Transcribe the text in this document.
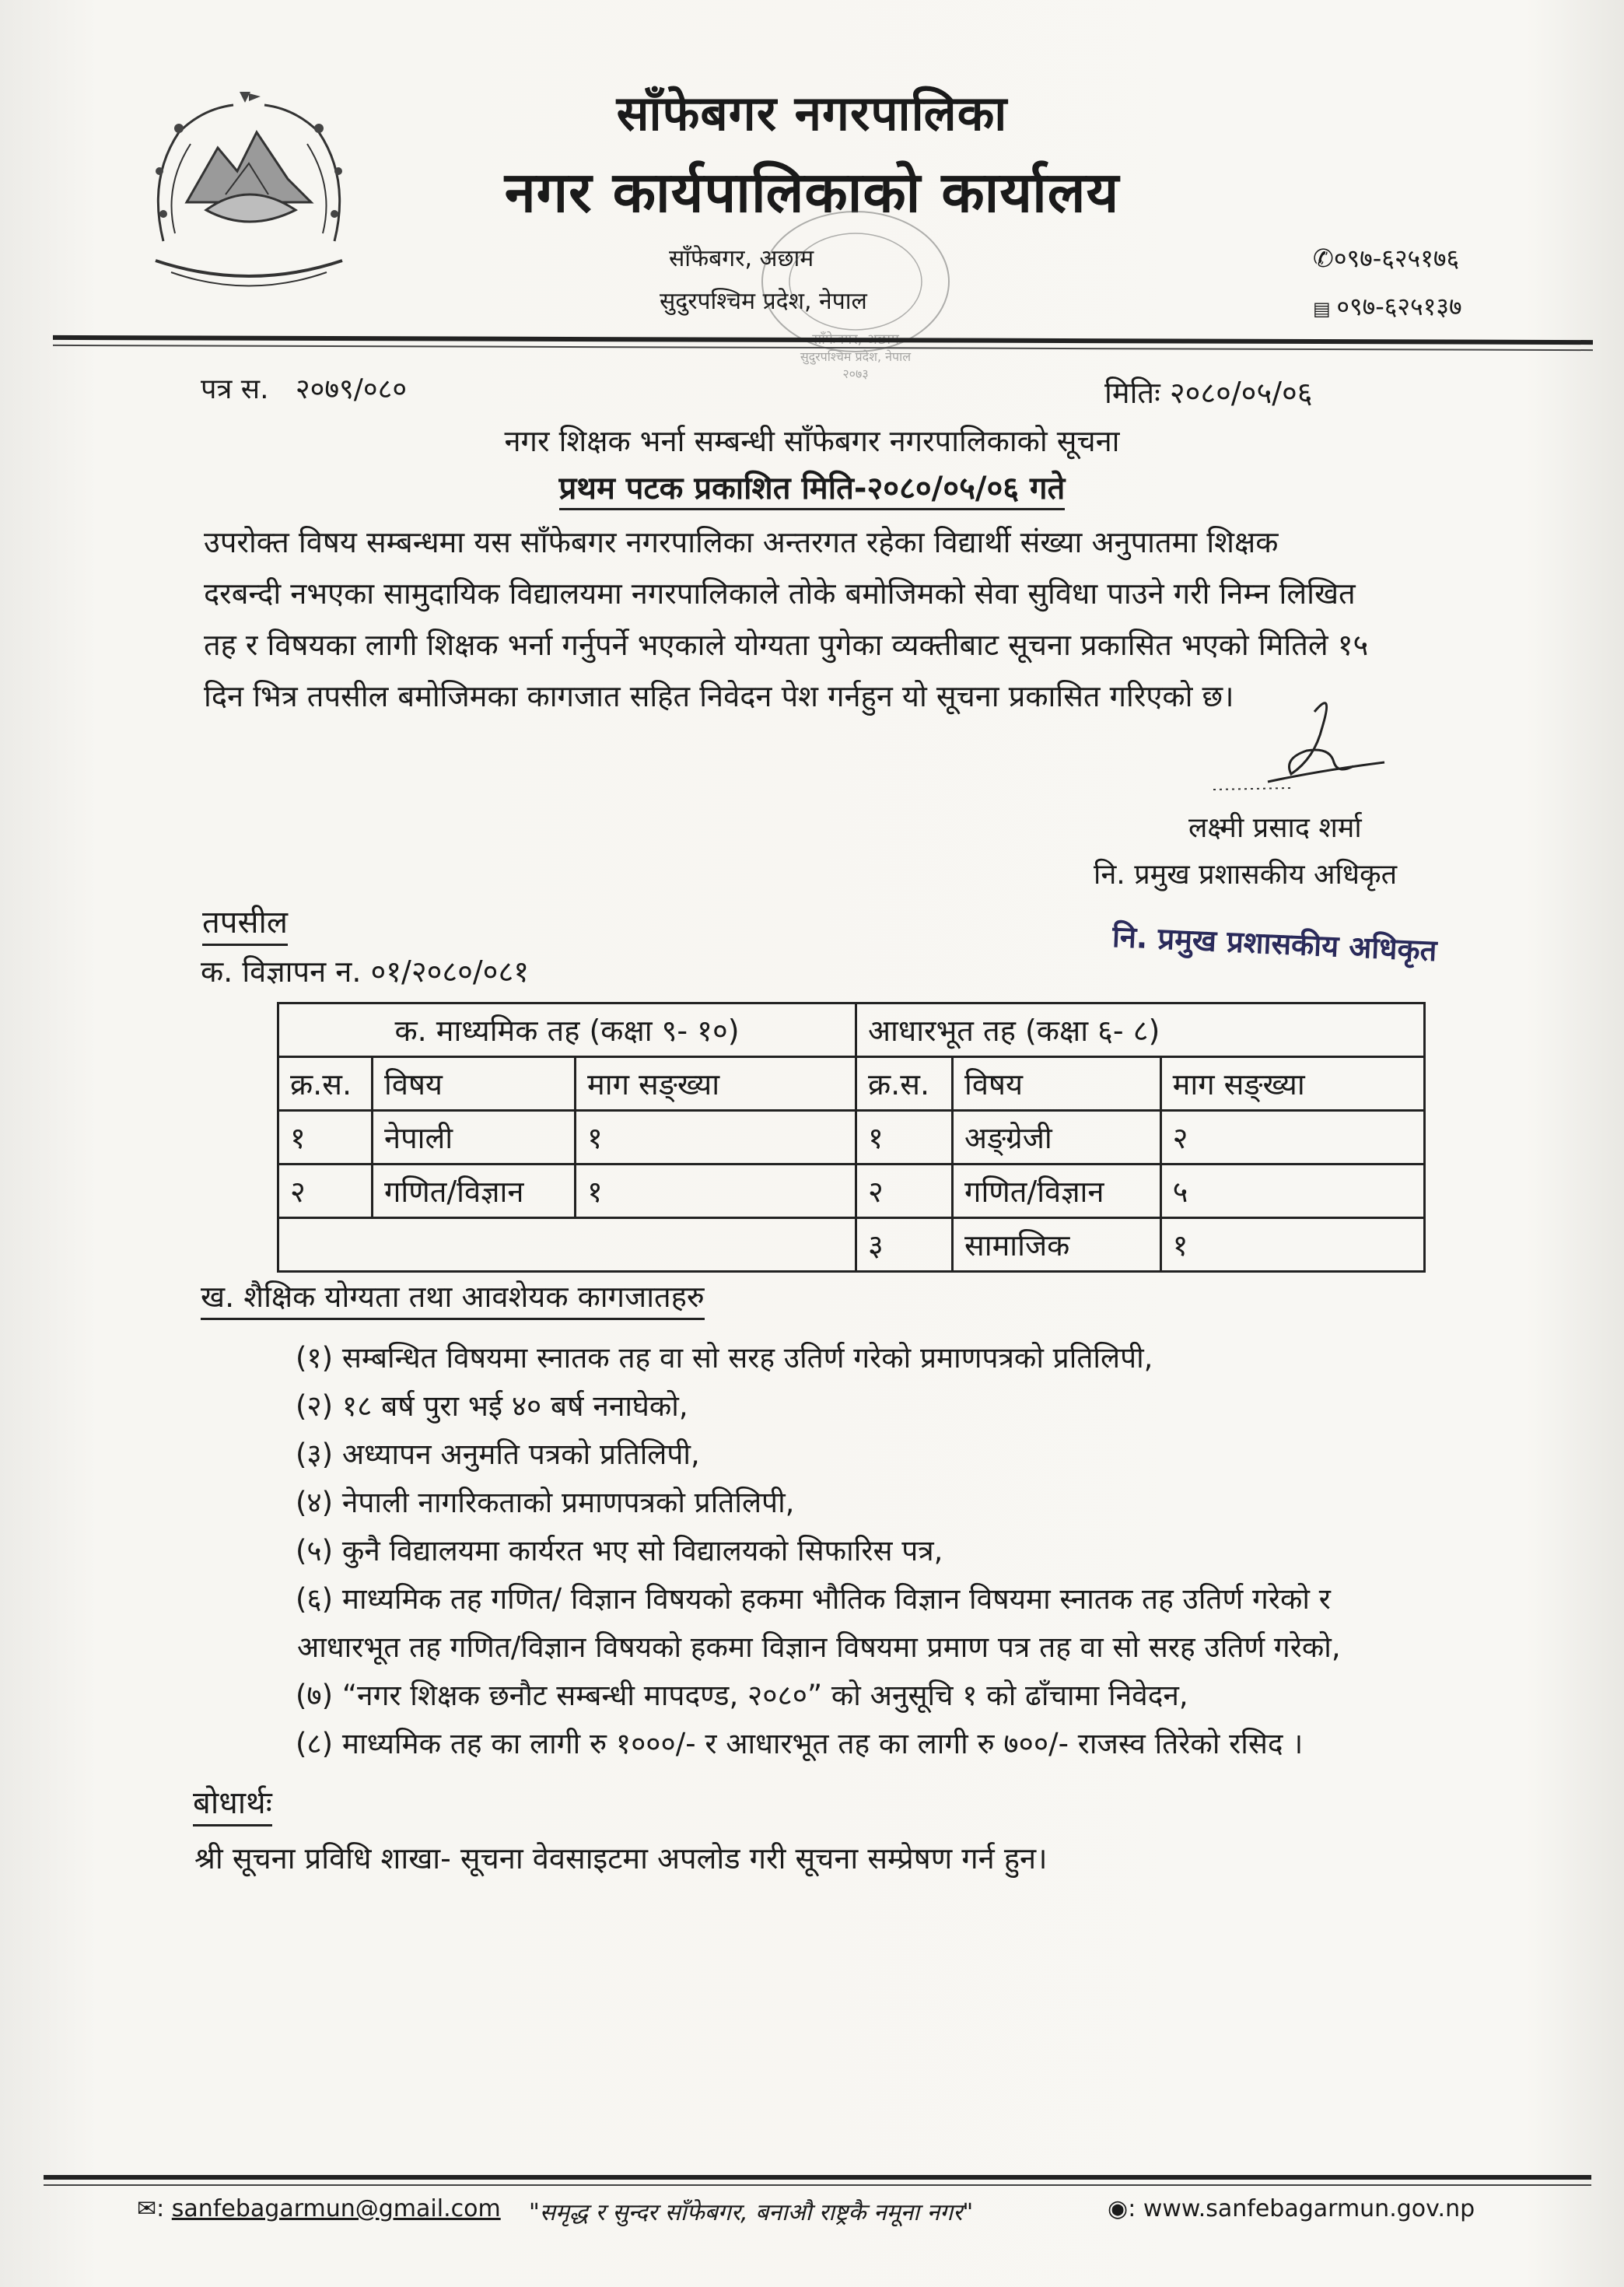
साँफेबगर नगरपालिका
नगर कार्यपालिकाको कार्यालय
साँफेबगर, अछाम
सुदुरपश्चिम प्रदेश, नेपाल
✆०९७-६२५१७६
▤ ०९७-६२५१३७
सुदुरपश्चिम प्रदेश, नेपाल
२०७३
पत्र स. २०७९/०८०	मितिः २०८०/०५/०६
नगर शिक्षक भर्ना सम्बन्धी साँफेबगर नगरपालिकाको सूचना
प्रथम पटक प्रकाशित मिति-२०८०/०५/०६ गते
उपरोक्त विषय सम्बन्धमा यस साँफेबगर नगरपालिका अन्तरगत रहेका विद्यार्थी संख्या अनुपातमा शिक्षक
दरबन्दी नभएका सामुदायिक विद्यालयमा नगरपालिकाले तोके बमोजिमको सेवा सुविधा पाउने गरी निम्न लिखित
तह र विषयका लागी शिक्षक भर्ना गर्नुपर्ने भएकाले योग्यता पुगेका व्यक्तीबाट सूचना प्रकासित भएको मितिले १५
दिन भित्र तपसील बमोजिमका कागजात सहित निवेदन पेश गर्नहुन यो सूचना प्रकासित गरिएको छ।
लक्ष्मी प्रसाद शर्मा
नि. प्रमुख प्रशासकीय अधिकृत
नि. प्रमुख प्रशासकीय अधिकृत
तपसील
क. विज्ञापन न. ०१/२०८०/०८१
क. माध्यमिक तह (कक्षा ९- १०)			आधारभूत तह (कक्षा ६- ८)		
क्र.स.	विषय	माग सङ्ख्या	क्र.स.	विषय	माग सङ्ख्या
१	नेपाली	१	१	अङ्ग्रेजी	२
२	गणित/विज्ञान	१	२	गणित/विज्ञान	५
			३	सामाजिक	१
ख. शैक्षिक योग्यता तथा आवशेयक कागजातहरु
(१) सम्बन्धित विषयमा स्नातक तह वा सो सरह उतिर्ण गरेको प्रमाणपत्रको प्रतिलिपी,
(२) १८ बर्ष पुरा भई ४० बर्ष ननाघेको,
(३) अध्यापन अनुमति पत्रको प्रतिलिपी,
(४) नेपाली नागरिकताको प्रमाणपत्रको प्रतिलिपी,
(५) कुनै विद्यालयमा कार्यरत भए सो विद्यालयको सिफारिस पत्र,
(६) माध्यमिक तह गणित/ विज्ञान विषयको हकमा भौतिक विज्ञान विषयमा स्नातक तह उतिर्ण गरेको र
आधारभूत तह गणित/विज्ञान विषयको हकमा विज्ञान विषयमा प्रमाण पत्र तह वा सो सरह उतिर्ण गरेको,
(७) “नगर शिक्षक छनौट सम्बन्धी मापदण्ड, २०८०” को अनुसूचि १ को ढाँचामा निवेदन,
(८) माध्यमिक तह का लागी रु १०००/- र आधारभूत तह का लागी रु ७००/- राजस्व तिरेको रसिद ।
बोधार्थः
श्री सूचना प्रविधि शाखा- सूचना वेवसाइटमा अपलोड गरी सूचना सम्प्रेषण गर्न हुन।
✉: sanfebagarmun@gmail.com "समृद्ध र सुन्दर साँफेबगर, बनाऔ राष्ट्रकै नमूना नगर"	◉: www.sanfebagarmun.gov.np
